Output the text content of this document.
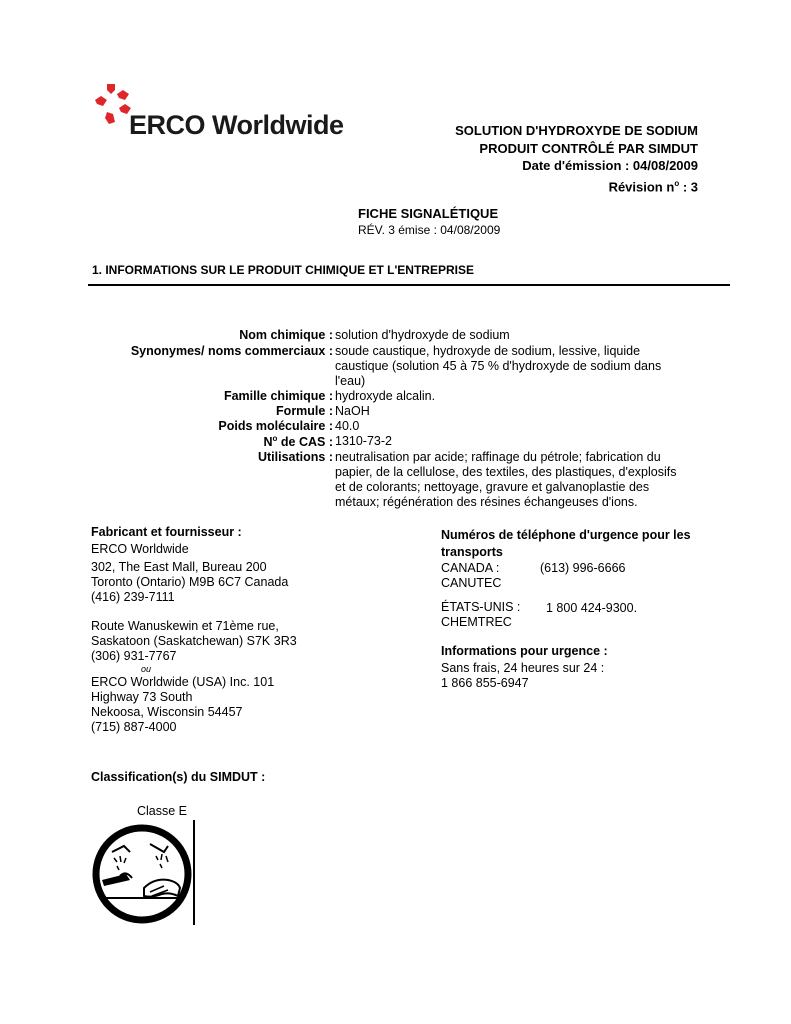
ERCO Worldwide	SOLUTION D'HYDROXYDE DE SODIUM
PRODUIT CONTRÔLÉ PAR SIMDUT
Date d'émission : 04/08/2009
Révision $n^o$ : 3
FICHE SIGNALÉTIQUE
RÉV. 3 émise : 04/08/2009
1. INFORMATIONS SUR LE PRODUIT CHIMIQUE ET L'ENTREPRISE
Nom chimique : solution d'hydroxyde de sodium
Synonymes/ noms commerciaux : soude caustique, hydroxyde de sodium, lessive, liquide
caustique (solution 45 à 75 % d'hydroxyde de sodium dans
l'eau)
Famille chimique : hydroxyde alcalin.
Formule : NaOH
Poids moléculaire : 40.0
$N^o$ de CAS : 1310-73-2
Utilisations : neutralisation par acide; raffinage du pétrole; fabrication du
papier, de la cellulose, des textiles, des plastiques, d'explosifs
et de colorants; nettoyage, gravure et galvanoplastie des
métaux; régénération des résines échangeuses d'ions.
Fabricant et fournisseur :
ERCO Worldwide
302, The East Mall, Bureau 200
Toronto (Ontario) M9B 6C7 Canada
(416) 239-7111
Route Wanuskewin et 71ème rue,
Saskatoon (Saskatchewan) S7K 3R3
(306) 931-7767
ou
ERCO Worldwide (USA) Inc. 101
Highway 73 South
Nekoosa, Wisconsin 54457
(715) 887-4000
Numéros de téléphone d'urgence pour les
transports
CANADA :
CANUTEC
(613) 996-6666
ÉTATS-UNIS :
CHEMTREC
1 800 424-9300.
Informations pour urgence :
Sans frais, 24 heures sur 24 :
1 866 855-6947
Classification(s) du SIMDUT :
Classe E
